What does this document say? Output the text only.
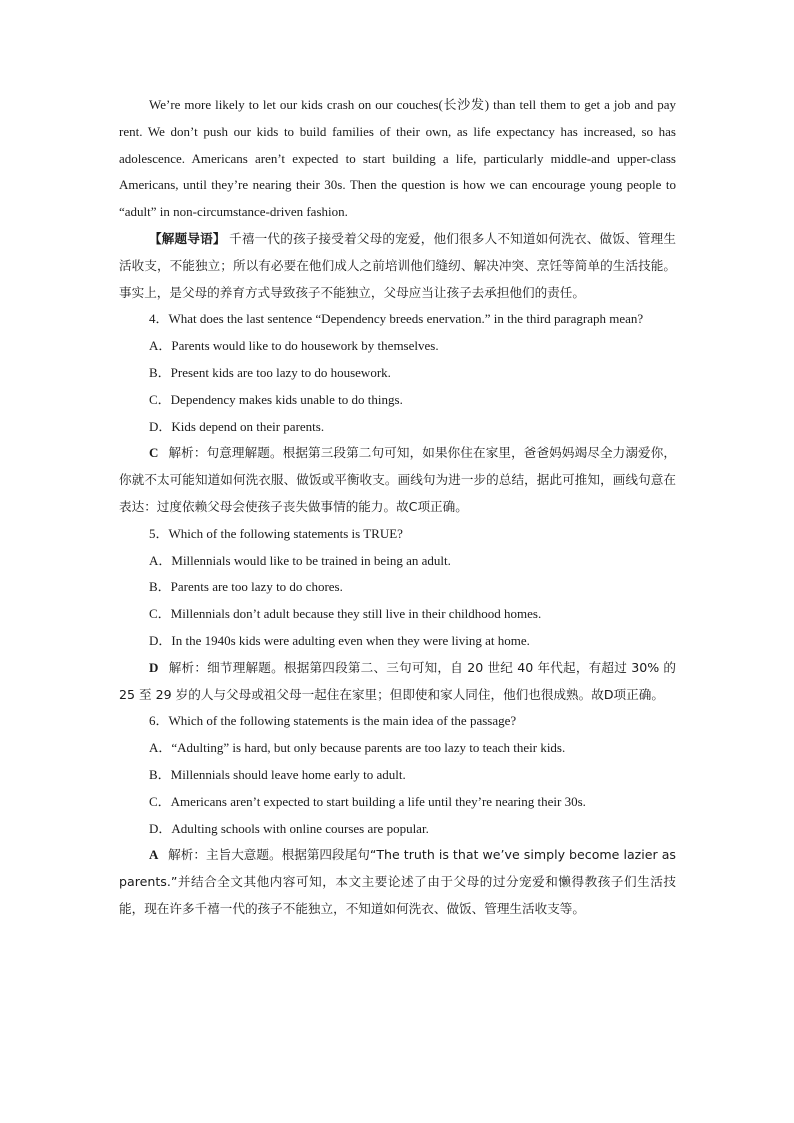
We’re more likely to let our kids crash on our couches(长沙发) than tell them to get a job and pay rent. We don’t push our kids to build families of their own, as life expectancy has increased, so has adolescence. Americans aren’t expected to start building a life, particularly middle-and upper-class Americans, until they’re nearing their 30s. Then the question is how we can encourage young people to “adult” in non-circumstance-driven fashion.

【解题导语】 千禧一代的孩子接受着父母的宠爱，他们很多人不知道如何洗衣、做饭、管理生活收支，不能独立；所以有必要在他们成人之前培训他们缝纫、解决冲突、烹饪等简单的生活技能。事实上，是父母的养育方式导致孩子不能独立，父母应当让孩子去承担他们的责任。

4．What does the last sentence “Dependency breeds enervation.” in the third paragraph mean?

A．Parents would like to do housework by themselves.

B．Present kids are too lazy to do housework.

C．Dependency makes kids unable to do things.

D．Kids depend on their parents.

C 解析：句意理解题。根据第三段第二句可知，如果你住在家里，爸爸妈妈竭尽全力溺爱你，你就不太可能知道如何洗衣服、做饭或平衡收支。画线句为进一步的总结，据此可推知，画线句意在表达：过度依赖父母会使孩子丧失做事情的能力。故C项正确。

5．Which of the following statements is TRUE?

A．Millennials would like to be trained in being an adult.

B．Parents are too lazy to do chores.

C．Millennials don’t adult because they still live in their childhood homes.

D．In the 1940s kids were adulting even when they were living at home.

D 解析：细节理解题。根据第四段第二、三句可知，自 20 世纪 40 年代起，有超过 30% 的 25 至 29 岁的人与父母或祖父母一起住在家里；但即使和家人同住，他们也很成熟。故D项正确。

6．Which of the following statements is the main idea of the passage?

A．“Adulting” is hard, but only because parents are too lazy to teach their kids.

B．Millennials should leave home early to adult.

C．Americans aren’t expected to start building a life until they’re nearing their 30s.

D．Adulting schools with online courses are popular.

A 解析：主旨大意题。根据第四段尾句“The truth is that we’ve simply become lazier as parents.”并结合全文其他内容可知，本文主要论述了由于父母的过分宠爱和懒得教孩子们生活技能，现在许多千禧一代的孩子不能独立，不知道如何洗衣、做饭、管理生活收支等。
